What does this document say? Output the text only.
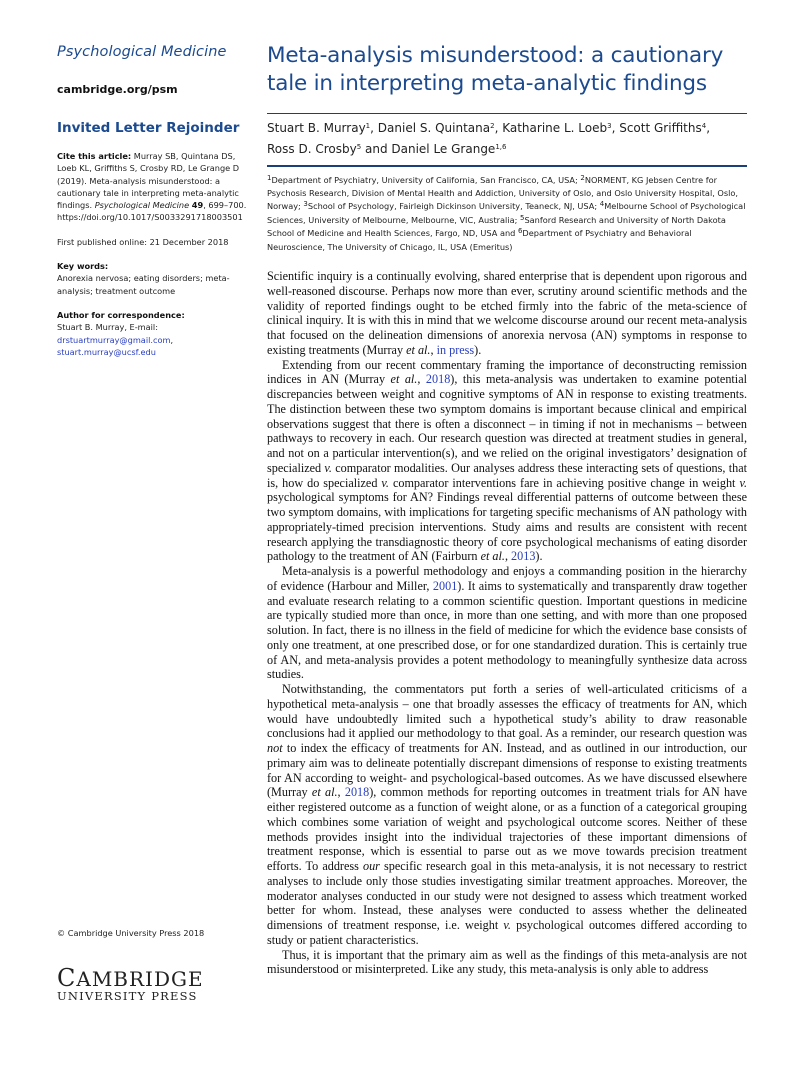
Psychological Medicine
cambridge.org/psm
Invited Letter Rejoinder
Cite this article: Murray SB, Quintana DS, Loeb KL, Griffiths S, Crosby RD, Le Grange D (2019). Meta-analysis misunderstood: a cautionary tale in interpreting meta-analytic findings. Psychological Medicine 49, 699–700. https://doi.org/10.1017/S0033291718003501
First published online: 21 December 2018
Key words:
Anorexia nervosa; eating disorders; meta-analysis; treatment outcome
Author for correspondence:
Stuart B. Murray, E-mail: drstuartmurray@gmail.com, stuart.murray@ucsf.edu
© Cambridge University Press 2018
CAMBRIDGE
UNIVERSITY PRESS
Meta-analysis misunderstood: a cautionary tale in interpreting meta-analytic findings
Stuart B. Murray$^1$, Daniel S. Quintana$^2$, Katharine L. Loeb$^3$, Scott Griffiths$^4$,
Ross D. Crosby$^5$ and Daniel Le Grange$^{1,6}$
$^1$Department of Psychiatry, University of California, San Francisco, CA, USA; $^2$NORMENT, KG Jebsen Centre for Psychosis Research, Division of Mental Health and Addiction, University of Oslo, and Oslo University Hospital, Oslo, Norway; $^3$School of Psychology, Fairleigh Dickinson University, Teaneck, NJ, USA; $^4$Melbourne School of Psychological Sciences, University of Melbourne, Melbourne, VIC, Australia; $^5$Sanford Research and University of North Dakota School of Medicine and Health Sciences, Fargo, ND, USA and $^6$Department of Psychiatry and Behavioral Neuroscience, The University of Chicago, IL, USA (Emeritus)

Scientific inquiry is a continually evolving, shared enterprise that is dependent upon rigorous and well-reasoned discourse. Perhaps now more than ever, scrutiny around scientific methods and the validity of reported findings ought to be etched firmly into the fabric of the meta-science of clinical inquiry. It is with this in mind that we welcome discourse around our recent meta-analysis that focused on the delineation dimensions of anorexia nervosa (AN) symptoms in response to existing treatments (Murray et al., in press).

Extending from our recent commentary framing the importance of deconstructing remission indices in AN (Murray et al., 2018), this meta-analysis was undertaken to examine potential discrepancies between weight and cognitive symptoms of AN in response to existing treatments. The distinction between these two symptom domains is important because clinical and empirical observations suggest that there is often a disconnect – in timing if not in mechanisms – between pathways to recovery in each. Our research question was directed at treatment studies in general, and not on a particular intervention(s), and we relied on the original investigators’ designation of specialized v. comparator modalities. Our analyses address these interacting sets of questions, that is, how do specialized v. comparator interventions fare in achieving positive change in weight v. psychological symptoms for AN? Findings reveal differential patterns of outcome between these two symptom domains, with implications for targeting specific mechanisms of AN pathology with appropriately-timed precision interventions. Study aims and results are consistent with recent research applying the transdiagnostic theory of core psychological mechanisms of eating disorder pathology to the treatment of AN (Fairburn et al., 2013).

Meta-analysis is a powerful methodology and enjoys a commanding position in the hierarchy of evidence (Harbour and Miller, 2001). It aims to systematically and transparently draw together and evaluate research relating to a common scientific question. Important questions in medicine are typically studied more than once, in more than one setting, and with more than one proposed solution. In fact, there is no illness in the field of medicine for which the evidence base consists of only one treatment, at one prescribed dose, or for one standardized duration. This is certainly true of AN, and meta-analysis provides a potent methodology to meaningfully synthesize data across studies.

Notwithstanding, the commentators put forth a series of well-articulated criticisms of a hypothetical meta-analysis – one that broadly assesses the efficacy of treatments for AN, which would have undoubtedly limited such a hypothetical study’s ability to draw reasonable conclusions had it applied our methodology to that goal. As a reminder, our research question was not to index the efficacy of treatments for AN. Instead, and as outlined in our introduction, our primary aim was to delineate potentially discrepant dimensions of response to existing treatments for AN according to weight- and psychological-based outcomes. As we have discussed elsewhere (Murray et al., 2018), common methods for reporting outcomes in treatment trials for AN have either registered outcome as a function of weight alone, or as a function of a categorical grouping which combines some variation of weight and psychological outcome scores. Neither of these methods provides insight into the individual trajectories of these important dimensions of treatment response, which is essential to parse out as we move towards precision treatment efforts. To address our specific research goal in this meta-analysis, it is not necessary to restrict analyses to include only those studies investigating similar treatment approaches. Moreover, the moderator analyses conducted in our study were not designed to assess which treatment worked better for whom. Instead, these analyses were conducted to assess whether the delineated dimensions of treatment response, i.e. weight v. psychological outcomes differed according to study or patient characteristics.

Thus, it is important that the primary aim as well as the findings of this meta-analysis are not misunderstood or misinterpreted. Like any study, this meta-analysis is only able to address
